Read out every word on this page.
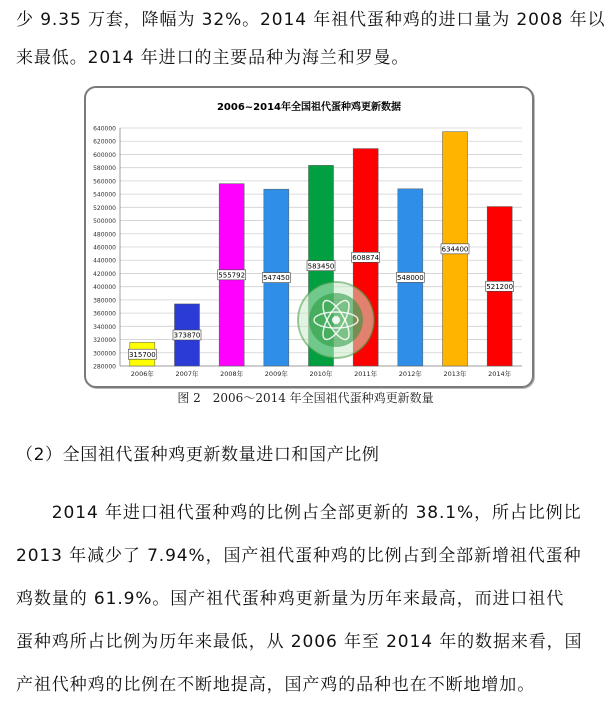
少 9.35 万套，降幅为 32%。2014 年祖代蛋种鸡的进口量为 2008 年以
来最低。2014 年进口的主要品种为海兰和罗曼。
2006~2014年全国祖代蛋种鸡更新数据
280000
300000
320000
340000
360000
380000
400000
420000
440000
460000
480000
500000
520000
540000
560000
580000
600000
620000
640000
315700
2006年
373870
2007年
555792
2008年
547450
2009年
583450
2010年
608874
2011年
548000
2012年
634400
2013年
521200
2014年
图 2　2006～2014 年全国祖代蛋种鸡更新数量
（2）全国祖代蛋种鸡更新数量进口和国产比例
　　2014 年进口祖代蛋种鸡的比例占全部更新的 38.1%，所占比例比
2013 年减少了 7.94%，国产祖代蛋种鸡的比例占到全部新增祖代蛋种
鸡数量的 61.9%。国产祖代蛋种鸡更新量为历年来最高，而进口祖代
蛋种鸡所占比例为历年来最低，从 2006 年至 2014 年的数据来看，国
产祖代种鸡的比例在不断地提高，国产鸡的品种也在不断地增加。
